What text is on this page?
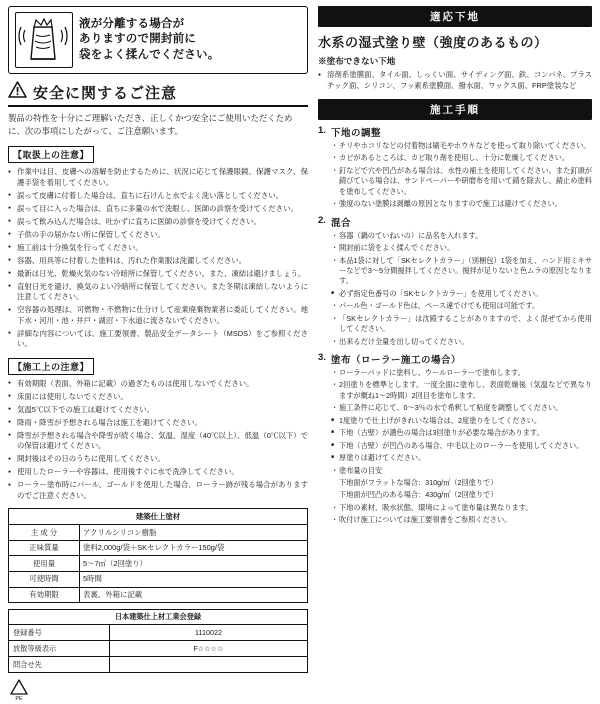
液が分離する場合が
ありますので開封前に
袋をよく揉んでください。
安全に関するご注意

製品の特性を十分にご理解いただき、正しくかつ安全にご使用いただくために、次の事項にしたがって、ご注意願います。

【取扱上の注意】
● 作業中は目、皮膚への溶解を防止するために、状況に応じて保護眼鏡、保護マスク、保護手袋を着用してください。
● 誤って皮膚に付着した場合は、直ちに石けんと水でよく洗い落としてください。
● 誤って目に入った場合は、直ちに多量の水で洗眼し、医師の診察を受けてください。
● 誤って飲み込んだ場合は、吐かずに直ちに医師の診察を受けてください。
● 子供の手の届かない所に保管してください。
● 施工前は十分換気を行ってください。
● 容器、用具等に付着した塗料は、汚れた作業服は洗濯してください。
● 最新は日光、乾燥火気のない冷暗所に保管してください。また、凍結は避けましょう。
● 直射日光を避け、換気のよい冷暗所に保管してください。また冬期は凍結しないように注意してください。
● 空容器の処理は、可燃物・不燃物に仕分けして産業廃棄物業者に委託してください。地下水・河川・池・井戸・湖沼・下水道に流さないでください。
● 詳細な内容については、施工要領書、製品安全データシート（MSDS）をご参照ください。
【施工上の注意】
● 有効期限（表面、外箱に記載）の過ぎたものは使用しないでください。
● 床面には使用しないでください。
● 気温5℃以下での施工は避けてください。
● 降雨・降雪が予想される場合は施工を避けてください。
● 降雪が予想される場合や降雪が続く場合、気温、湿度（40℃以上）、低温（0℃以下）での保管は避けてください。
● 開封後はその日のうちに使用してください。
● 使用したローラーや容器は、使用後すぐに水で洗浄してください。
● ローラー塗布時にパール、ゴールドを使用した場合、ローラー跡が残る場合がありますのでご注意ください。
建築仕上塗材	
主 成 分	アクリルシリコン樹脂
正味質量	塗料2,000g/袋＋SKセレクトカラー150g/袋
使用量	5〜7㎡（2回塗り）
可使時間	5時間
有効期限	表裏、外箱に記載
日本建築仕上材工業会登録
登録番号	1110022
放散等級表示	F☆☆☆☆
問合せ先
PE
適応下地
水系の湿式塗り壁（強度のあるもの）
※塗布できない下地
● 溶剤系塗膜面、タイル面、しっくい面、サイディング面、鉄、コンパネ、プラスチック面、シリコン、フッ素系塗膜面、撥水面、ワックス面、FRP塗装など
施工手順
1. 下地の調整
・ チリやホコリなどの付着物は刷毛やホウキなどを使って取り除いてください。
・ カビがあるところは、カビ取り剤を使用し、十分に乾燥してください。
・ 釘などで穴や凹凸がある場合は、水性の補土を使用してください。また釘頭が錆びている場合は、サンドペーパーや研磨布を用いて錆を除去し、錆止め塗料を塗布してください。
・ 強度のない塗膜は剥離の原因となりますので施工は避けてください。
2. 混合
・ 容器（鍋のていねいの）に品名を入れます。
・ 開封前に袋をよく揉んでください。
・ 本品1袋に対して「SKセレクトカラー」（別梱包）1袋を加え、ハンド用ミキサーなどで3〜5分間撹拌してください。撹拌が足りないと色ムラの原因となります。
■ 必ず指定色番号の「SKセレクトカラー」を使用してください。
・ パール色・ゴールド色は、ペース違でけても使用は可能です。
・ 「SKセレクトカラー」は沈殿することがありますので、よく混ぜてから使用してください。
・ 出来るだけ全量を出し切ってください。
3. 塗布（ローラー施工の場合）
・ ローラーパッドに塗料し、ウールローラーで塗布します。
・ 2回塗りを標準とします。一度全面に塗布し、表面乾燥後（気温などで異なりますが概ね1〜2時間）2回目を塗布します。
・ 施工条件に応じて、0〜3％の水で希釈して粘度を調整してください。
■ 1度塗りで仕上げがきれいな場合は、2度塗りをしてください。
■ 下地（古壁）が濃色の場合は3回塗りが必要な場合があります。
■ 下地（古壁）が凹凸のある場合、中毛以上のローラーを使用してください。
■ 厚塗りは避けてください。
・ 塗布量の目安
下地面がフラットな場合：310g/㎡（2回塗りで）
下地面が凹凸のある場合：430g/㎡（2回塗りで）
・ 下地の素材、吸水状態、環境によって塗布量は異なります。
・ 吹付け施工については施工要領書をご参照ください。
